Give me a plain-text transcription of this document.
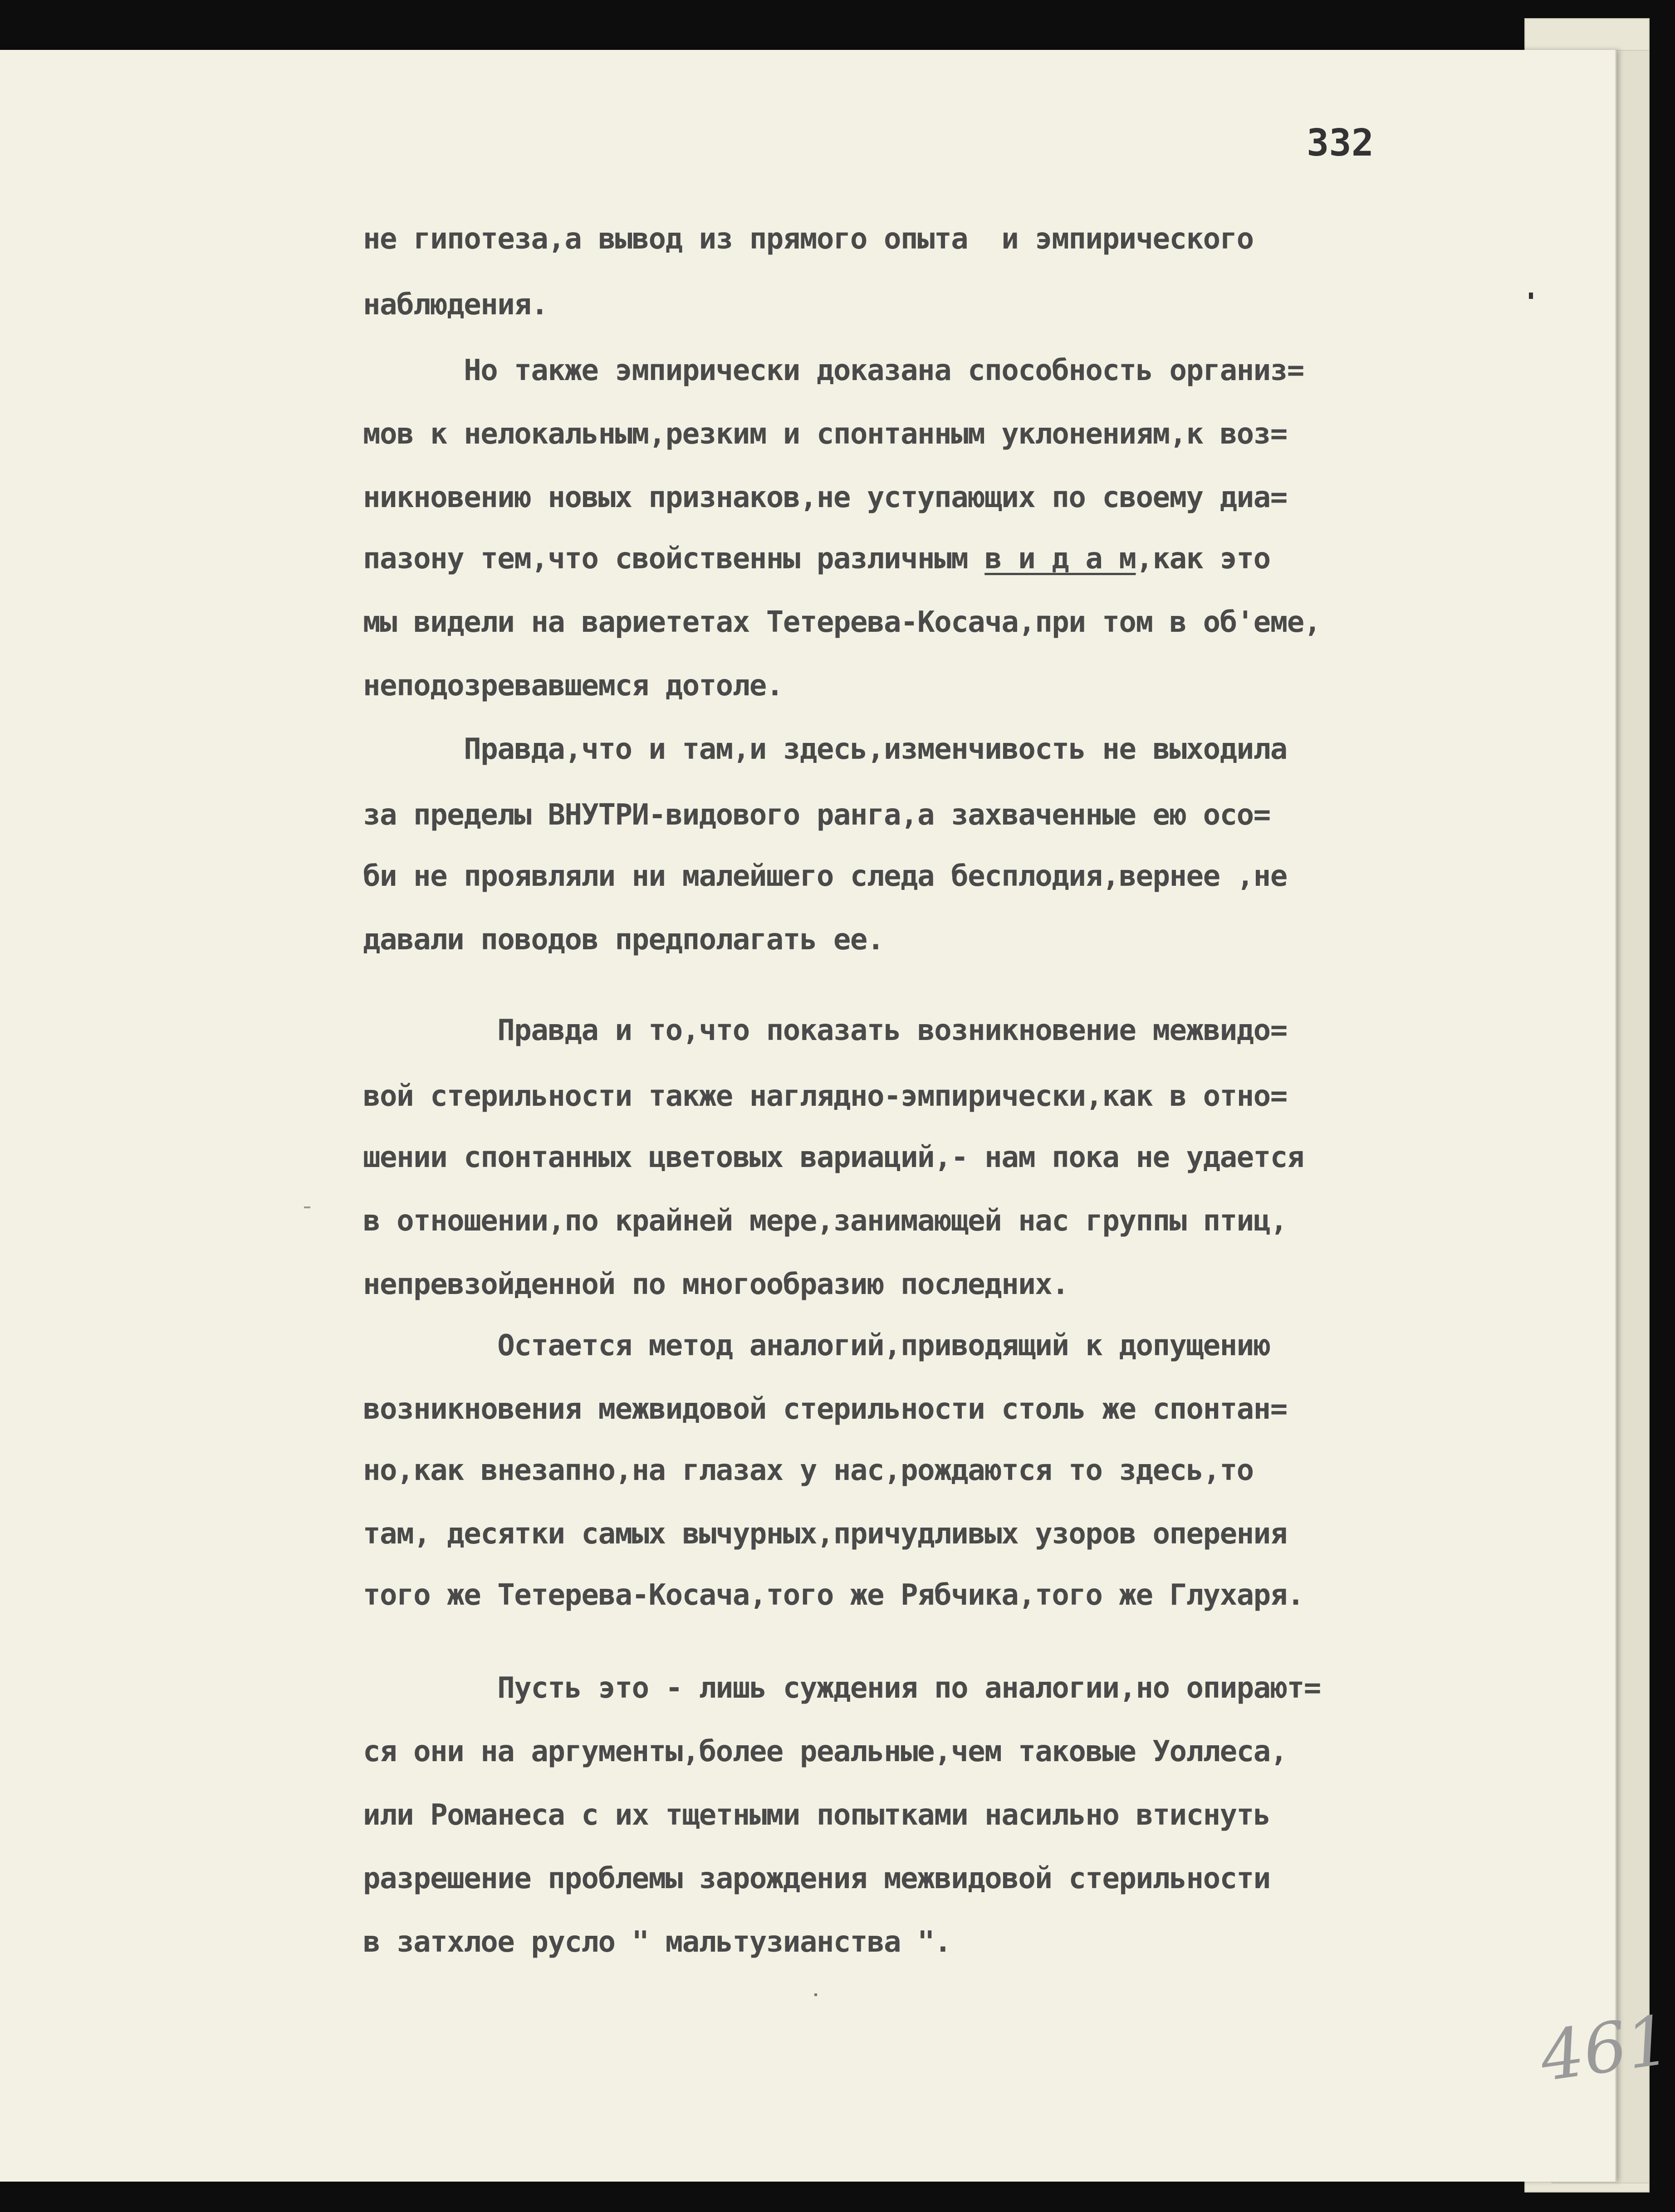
332
не гипотеза,а вывод из прямого опыта  и эмпирического
наблюдения.
Но также эмпирически доказана способность организ=
мов к нелокальным,резким и спонтанным уклонениям,к воз=
никновению новых признаков,не уступающих по своему диа=
пазону тем,что свойственны различным в и д а м,как это
мы видели на вариететах Тетерева-Косача,при том в об'еме,
неподозревавшемся дотоле.
Правда,что и там,и здесь,изменчивость не выходила
за пределы ВНУТРИ-видового ранга,а захваченные ею осо=
би не проявляли ни малейшего следа бесплодия,вернее ,не
давали поводов предполагать ее.
Правда и то,что показать возникновение межвидо=
вой стерильности также наглядно-эмпирически,как в отно=
шении спонтанных цветовых вариаций,- нам пока не удается
в отношении,по крайней мере,занимающей нас группы птиц,
непревзойденной по многообразию последних.
Остается метод аналогий,приводящий к допущению
возникновения межвидовой стерильности столь же спонтан=
но,как внезапно,на глазах у нас,рождаются то здесь,то
там, десятки самых вычурных,причудливых узоров оперения
того же Тетерева-Косача,того же Рябчика,того же Глухаря.
Пусть это - лишь суждения по аналогии,но опирают=
ся они на аргументы,более реальные,чем таковые Уоллеса,
или Романеса с их тщетными попытками насильно втиснуть
разрешение проблемы зарождения межвидовой стерильности
в затхлое русло " мальтузианства ".
461
